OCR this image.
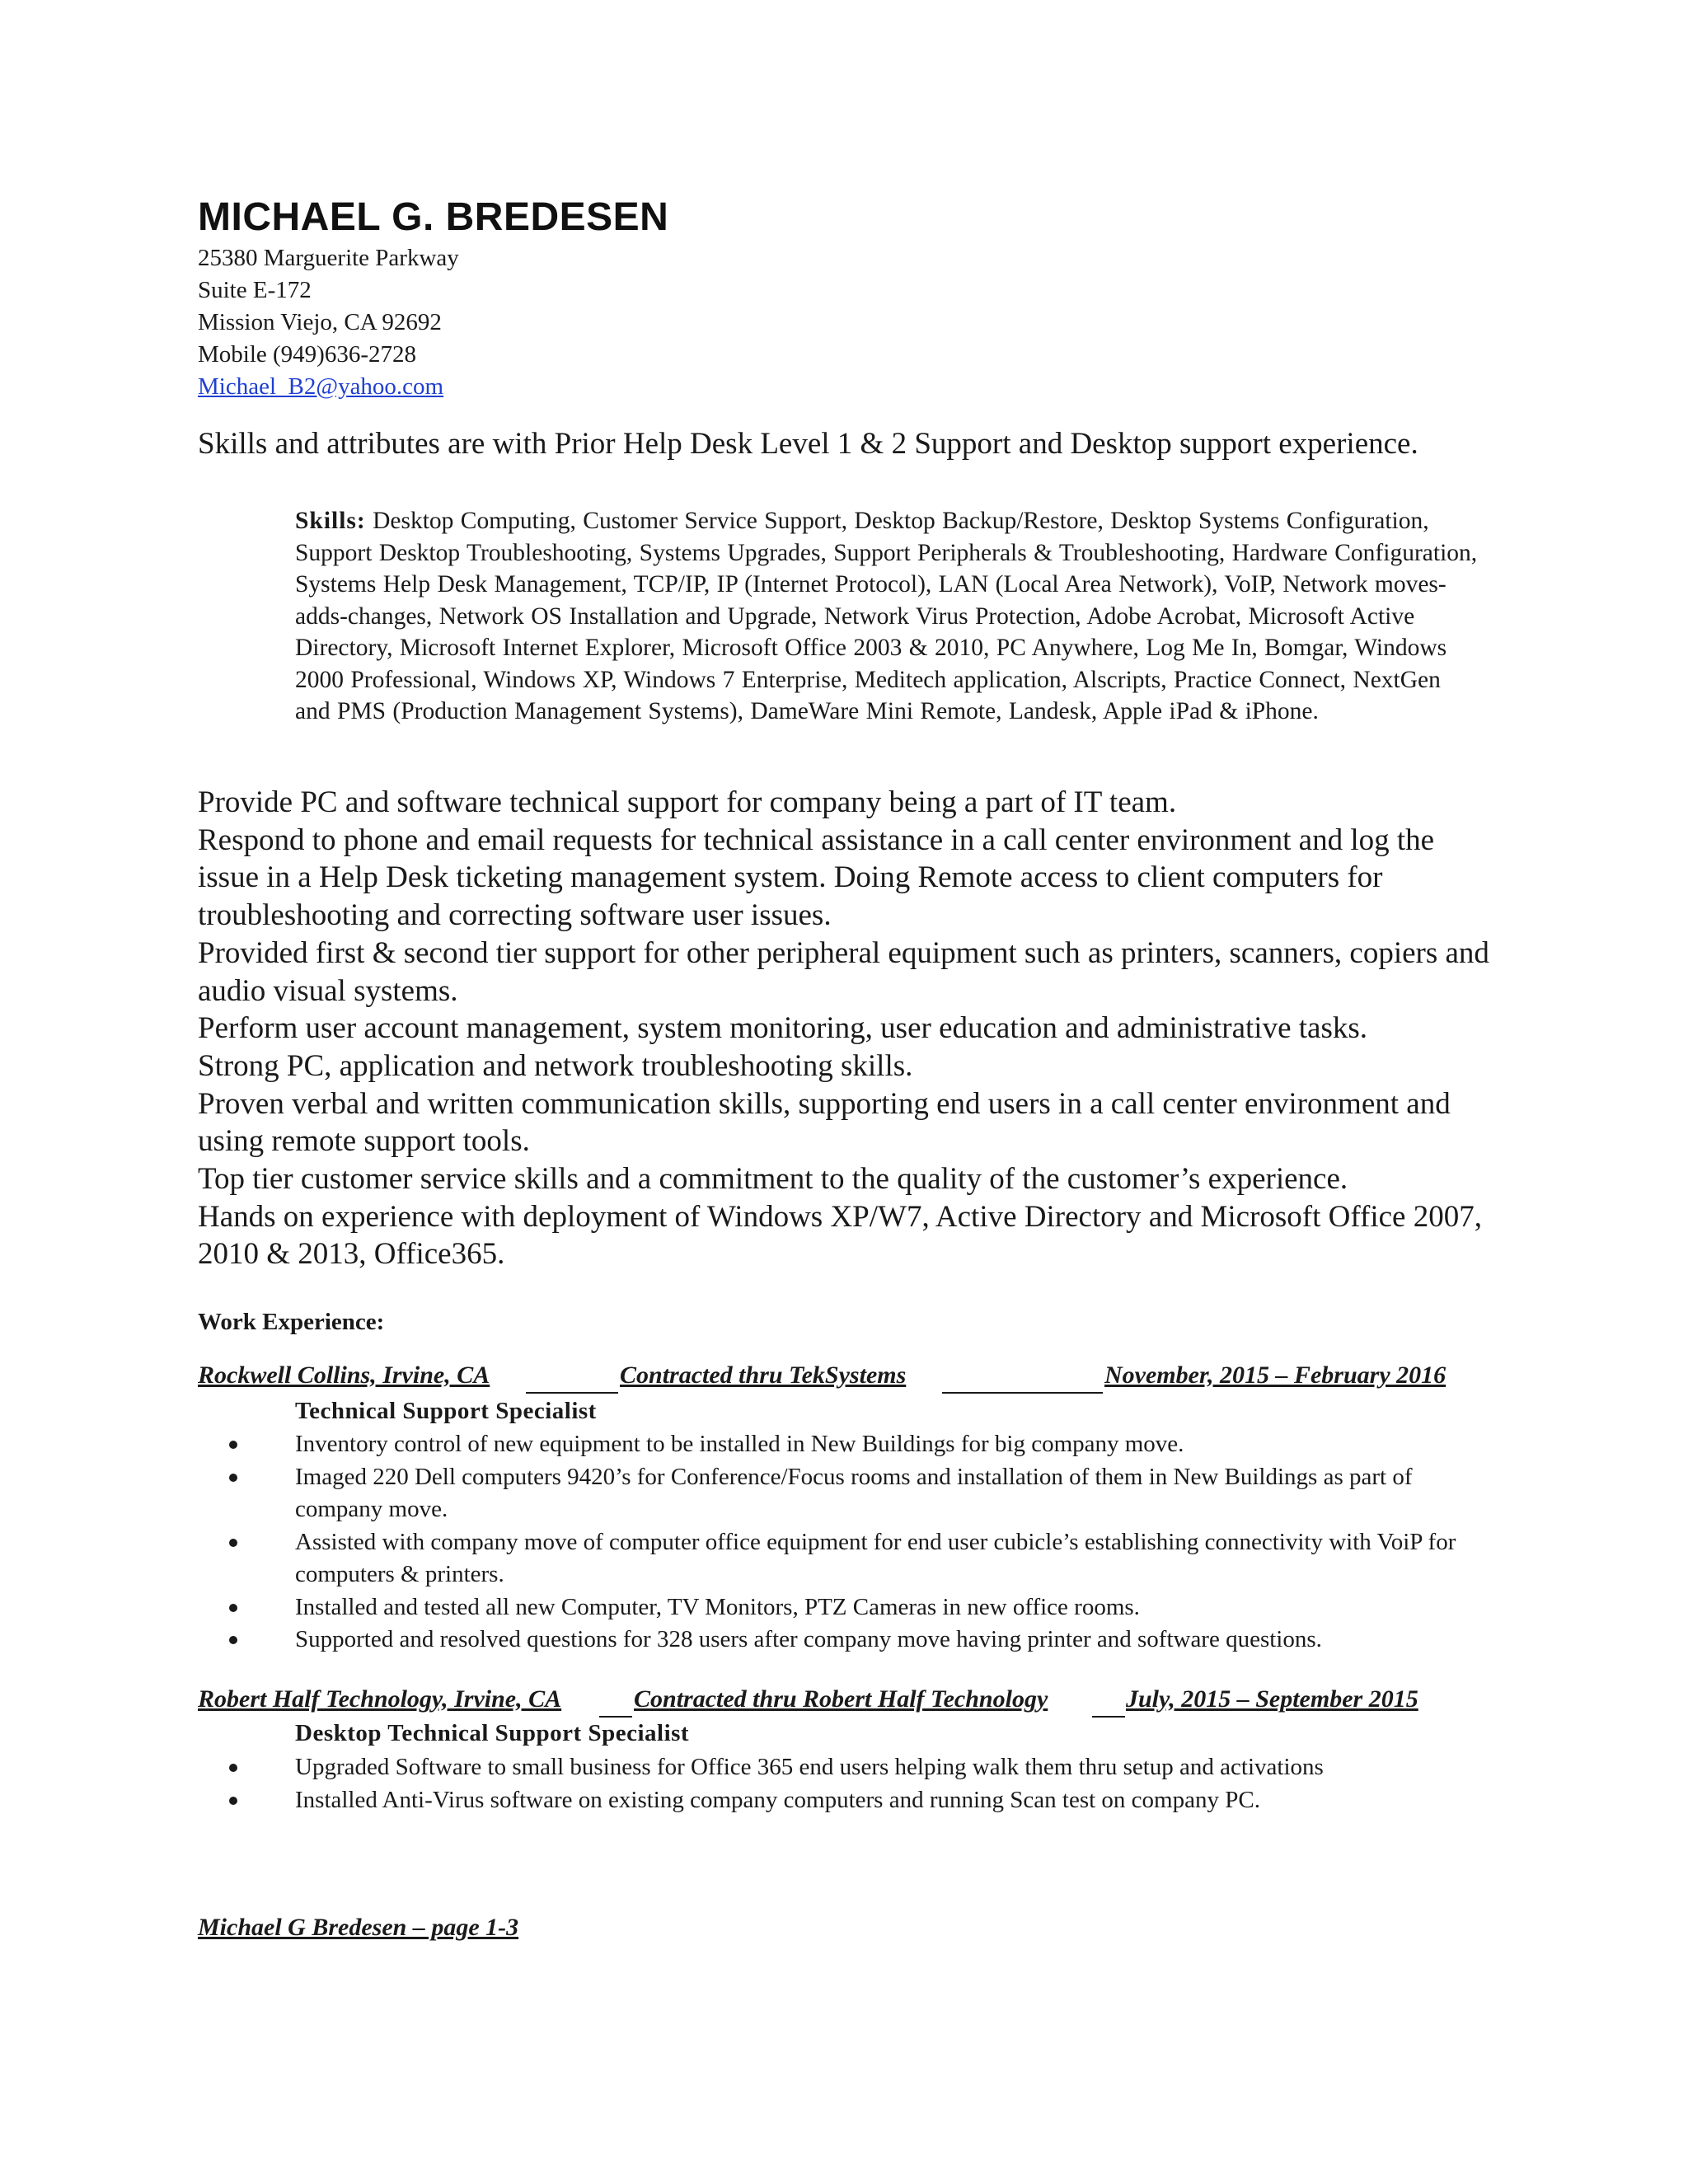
MICHAEL G. BREDESEN
25380 Marguerite Parkway
Suite E-172
Mission Viejo, CA 92692
Mobile (949)636-2728
Michael_B2@yahoo.com
Skills and attributes are with Prior Help Desk Level 1 & 2 Support and Desktop support experience.
Skills: Desktop Computing, Customer Service Support, Desktop Backup/Restore, Desktop Systems Configuration, Support Desktop Troubleshooting, Systems Upgrades, Support Peripherals & Troubleshooting, Hardware Configuration, Systems Help Desk Management, TCP/IP, IP (Internet Protocol), LAN (Local Area Network), VoIP, Network moves-adds-changes, Network OS Installation and Upgrade, Network Virus Protection, Adobe Acrobat, Microsoft Active Directory, Microsoft Internet Explorer, Microsoft Office 2003 & 2010, PC Anywhere, Log Me In, Bomgar, Windows 2000 Professional, Windows XP, Windows 7 Enterprise, Meditech application, Alscripts, Practice Connect, NextGen and PMS (Production Management Systems), DameWare Mini Remote, Landesk, Apple iPad & iPhone.

Provide PC and software technical support for company being a part of IT team.

Respond to phone and email requests for technical assistance in a call center environment and log the issue in a Help Desk ticketing management system. Doing Remote access to client computers for troubleshooting and correcting software user issues.

Provided first & second tier support for other peripheral equipment such as printers, scanners, copiers and audio visual systems.

Perform user account management, system monitoring, user education and administrative tasks.

Strong PC, application and network troubleshooting skills.

Proven verbal and written communication skills, supporting end users in a call center environment and using remote support tools.

Top tier customer service skills and a commitment to the quality of the customer’s experience.

Hands on experience with deployment of Windows XP/W7, Active Directory and Microsoft Office 2007, 2010 & 2013, Office365.

Work Experience:
Rockwell Collins, Irvine, CA	Contracted thru TekSystems	November, 2015 – February 2016
Technical Support Specialist
Inventory control of new equipment to be installed in New Buildings for big company move.
Imaged 220 Dell computers 9420’s for Conference/Focus rooms and installation of them in New Buildings as part of company move.
Assisted with company move of computer office equipment for end user cubicle’s establishing connectivity with VoiP for computers & printers.
Installed and tested all new Computer, TV Monitors, PTZ Cameras in new office rooms.
Supported and resolved questions for 328 users after company move having printer and software questions.
Robert Half Technology, Irvine, CA	Contracted thru Robert Half Technology	July, 2015 – September 2015
Desktop Technical Support Specialist
Upgraded Software to small business for Office 365 end users helping walk them thru setup and activations
Installed Anti-Virus software on existing company computers and running Scan test on company PC.
Michael G Bredesen – page 1-3
